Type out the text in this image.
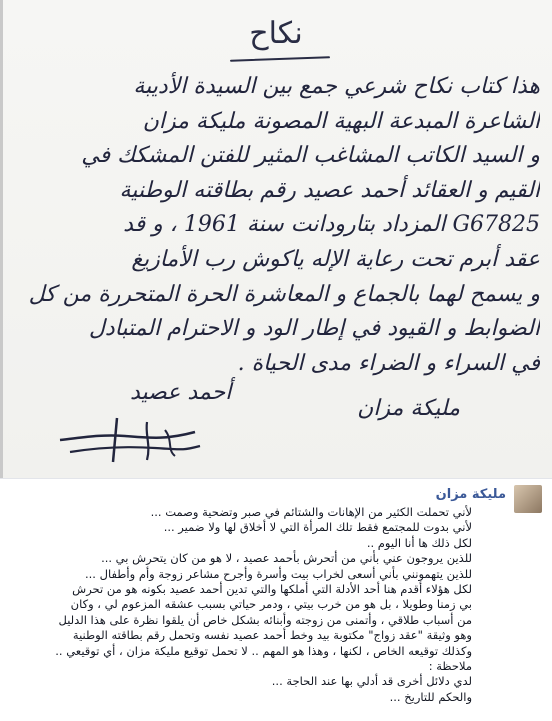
نكاح
هذا كتاب نكاح شرعي جمع بين السيدة الأديبة
الشاعرة المبدعة البهية المصونة مليكة مزان
و السيد الكاتب المشاغب المثير للفتن المشكك في
القيم و العقائد أحمد عصيد رقم بطاقته الوطنية
G67825 المزداد بتارودانت سنة 1961 ، و قد
عقد أبرم تحت رعاية الإله ياكوش رب الأمازيغ
و يسمح لهما بالجماع و المعاشرة الحرة المتحررة من كل
الضوابط و القيود في إطار الود و الاحترام المتبادل
في السراء و الضراء مدى الحياة .
أحمد عصيد
مليكة مزان
مليكة مزان
لأني تحملت الكثير من الإهانات والشتائم في صبر وتضحية وصمت ...
لأني بدوت للمجتمع فقط تلك المرأة التي لا أخلاق لها ولا ضمير ...
لكل ذلك ها أنا اليوم ..
للذين يروجون عني بأني من أتحرش بأحمد عصيد ، لا هو من كان يتحرش بي ...
للذين يتهمونني بأني أسعى لخراب بيت وأسرة وأجرح مشاعر زوجة وأم وأطفال ...
لكل هؤلاء أقدم هنا أحد الأدلة التي أملكها والتي تدين أحمد عصيد بكونه هو من تحرش
بي زمنا وطويلا ، بل هو من خرب بيتي ، ودمر حياتي بسبب عشقه المزعوم لي ، وكان
من أسباب طلاقي ، وأتمنى من زوجته وأبنائه بشكل خاص أن يلقوا نظرة على هذا الدليل
وهو وثيقة "عقد زواج" مكتوبة بيد وخط أحمد عصيد نفسه وتحمل رقم بطاقته الوطنية
وكذلك توقيعه الخاص ، لكنها ، وهذا هو المهم .. لا تحمل توقيع مليكة مزان ، أي توقيعي ..
ملاحظة :
لدي دلائل أخرى قد أدلي بها عند الحاجة ...
والحكم للتاريخ ...
